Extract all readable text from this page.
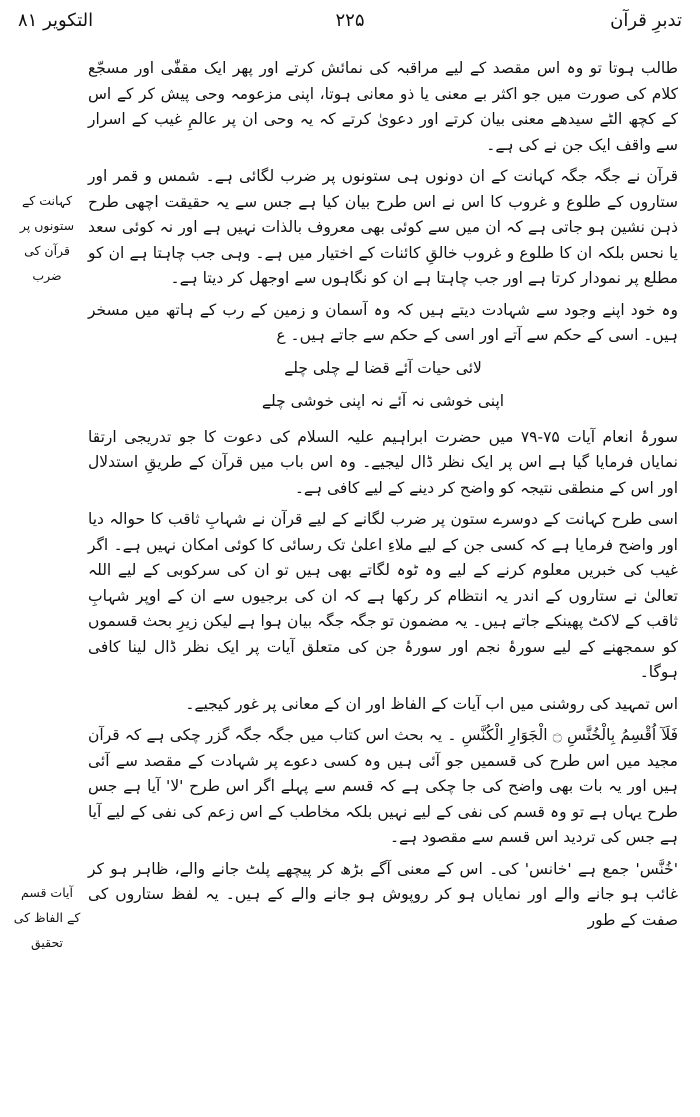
تدبرِ قرآن
۲۲۵
التکویر ۸۱
کہانت کے
ستونوں پر
قرآن کی ضرب
آیات قسم
کے الفاظ کی
تحقیق

طالب ہوتا تو وہ اس مقصد کے لیے مراقبہ کی نمائش کرتے اور پھر ایک مقفّٰی اور مسجّع کلام کی صورت میں جو اکثر بے معنی یا ذو معانی ہوتا، اپنی مزعومہ وحی پیش کر کے اس کے کچھ الٹے سیدھے معنی بیان کرتے اور دعویٰ کرتے کہ یہ وحی ان پر عالمِ غیب کے اسرار سے واقف ایک جن نے کی ہے۔

قرآن نے جگہ جگہ کہانت کے ان دونوں ہی ستونوں پر ضرب لگائی ہے۔ شمس و قمر اور ستاروں کے طلوع و غروب کا اس نے اس طرح بیان کیا ہے جس سے یہ حقیقت اچھی طرح ذہن نشین ہو جاتی ہے کہ ان میں سے کوئی بھی معروف بالذات نہیں ہے اور نہ کوئی سعد یا نحس بلکہ ان کا طلوع و غروب خالقِ کائنات کے اختیار میں ہے۔ وہی جب چاہتا ہے ان کو مطلع پر نمودار کرتا ہے اور جب چاہتا ہے ان کو نگاہوں سے اوجھل کر دیتا ہے۔

وہ خود اپنے وجود سے شہادت دیتے ہیں کہ وہ آسمان و زمین کے رب کے ہاتھ میں مسخر ہیں۔ اسی کے حکم سے آتے اور اسی کے حکم سے جاتے ہیں۔ ع

لائی حیات آئے قضا لے چلی چلے

اپنی خوشی نہ آئے نہ اپنی خوشی چلے

سورۂ انعام آیات ۷۵-۷۹ میں حضرت ابراہیم علیہ السلام کی دعوت کا جو تدریجی ارتقا نمایاں فرمایا گیا ہے اس پر ایک نظر ڈال لیجیے۔ وہ اس باب میں قرآن کے طریقِ استدلال اور اس کے منطقی نتیجہ کو واضح کر دینے کے لیے کافی ہے۔

اسی طرح کہانت کے دوسرے ستون پر ضرب لگانے کے لیے قرآن نے شہابِ ثاقب کا حوالہ دیا اور واضح فرمایا ہے کہ کسی جن کے لیے ملاءِ اعلیٰ تک رسائی کا کوئی امکان نہیں ہے۔ اگر غیب کی خبریں معلوم کرنے کے لیے وہ ٹوہ لگاتے بھی ہیں تو ان کی سرکوبی کے لیے اللہ تعالیٰ نے ستاروں کے اندر یہ انتظام کر رکھا ہے کہ ان کی برجیوں سے ان کے اوپر شہابِ ثاقب کے لاکٹ پھینکے جاتے ہیں۔ یہ مضمون تو جگہ جگہ بیان ہوا ہے لیکن زیرِ بحث قسموں کو سمجھنے کے لیے سورۂ نجم اور سورۂ جن کی متعلق آیات پر ایک نظر ڈال لینا کافی ہوگا۔

اس تمہید کی روشنی میں اب آیات کے الفاظ اور ان کے معانی پر غور کیجیے۔

فَلَآ اُقْسِمُ بِالْخُنَّسِ ۝ الْجَوَارِ الْکُنَّسِ ۔ یہ بحث اس کتاب میں جگہ جگہ گزر چکی ہے کہ قرآن مجید میں اس طرح کی قسمیں جو آئی ہیں وہ کسی دعوے پر شہادت کے مقصد سے آئی ہیں اور یہ بات بھی واضح کی جا چکی ہے کہ قسم سے پہلے اگر اس طرح 'لا' آیا ہے جس طرح یہاں ہے تو وہ قسم کی نفی کے لیے نہیں بلکہ مخاطب کے اس زعم کی نفی کے لیے آیا ہے جس کی تردید اس قسم سے مقصود ہے۔

'خُنَّس' جمع ہے 'خانس' کی۔ اس کے معنی آگے بڑھ کر پیچھے پلٹ جانے والے، ظاہر ہو کر غائب ہو جانے والے اور نمایاں ہو کر روپوش ہو جانے والے کے ہیں۔ یہ لفظ ستاروں کی صفت کے طور
